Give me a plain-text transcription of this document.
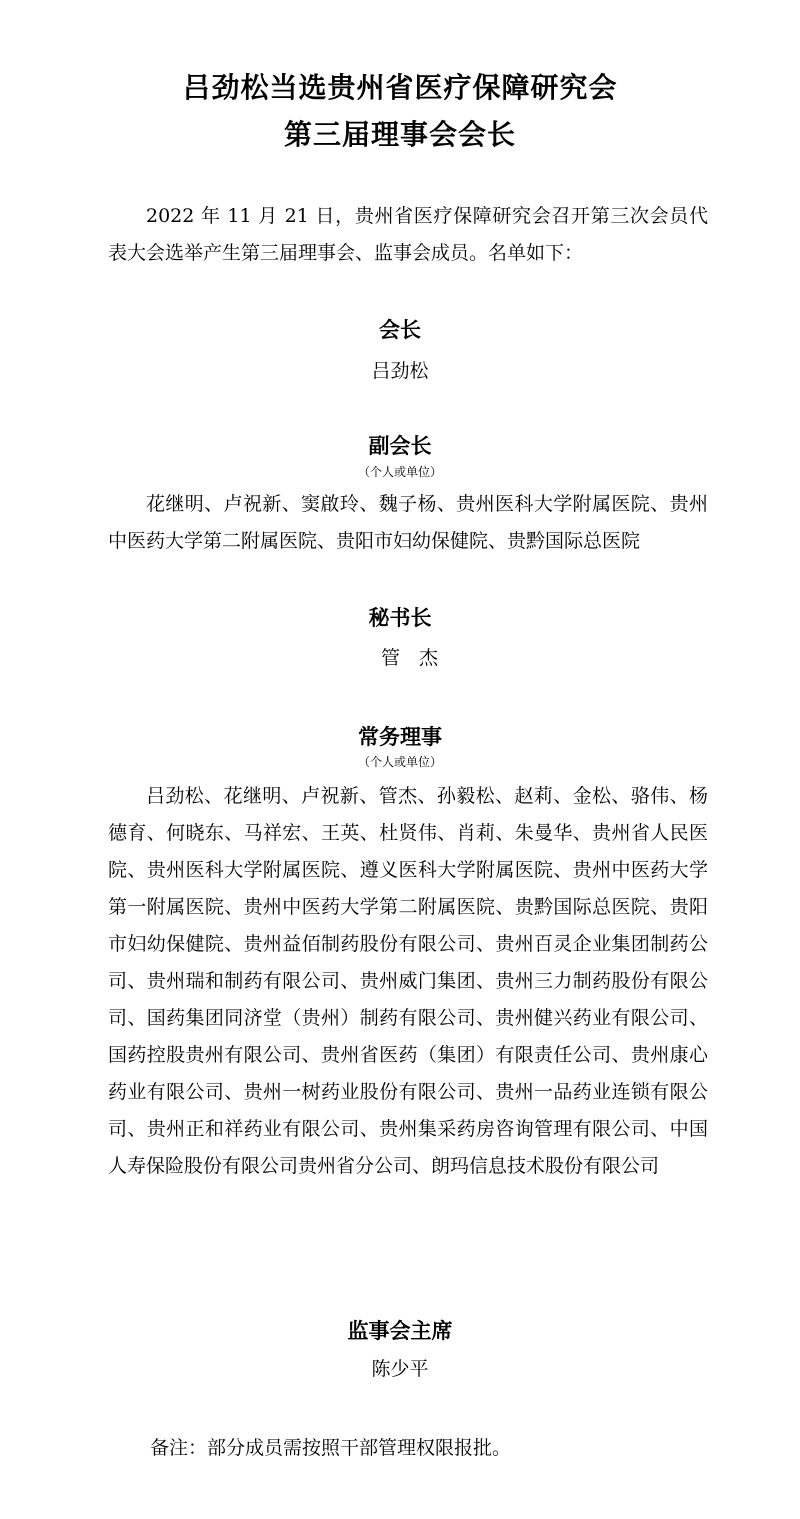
吕劲松当选贵州省医疗保障研究会
第三届理事会会长

2022 年 11 月 21 日，贵州省医疗保障研究会召开第三次会员代表大会选举产生第三届理事会、监事会成员。名单如下：

会长

吕劲松

副会长

（个人或单位）

花继明、卢祝新、窦啟玲、魏子杨、贵州医科大学附属医院、贵州中医药大学第二附属医院、贵阳市妇幼保健院、贵黔国际总医院

秘书长

管杰

常务理事

（个人或单位）

吕劲松、花继明、卢祝新、管杰、孙毅松、赵莉、金松、骆伟、杨德育、何晓东、马祥宏、王英、杜贤伟、肖莉、朱曼华、贵州省人民医院、贵州医科大学附属医院、遵义医科大学附属医院、贵州中医药大学第一附属医院、贵州中医药大学第二附属医院、贵黔国际总医院、贵阳市妇幼保健院、贵州益佰制药股份有限公司、贵州百灵企业集团制药公司、贵州瑞和制药有限公司、贵州威门集团、贵州三力制药股份有限公司、国药集团同济堂（贵州）制药有限公司、贵州健兴药业有限公司、国药控股贵州有限公司、贵州省医药（集团）有限责任公司、贵州康心药业有限公司、贵州一树药业股份有限公司、贵州一品药业连锁有限公司、贵州正和祥药业有限公司、贵州集采药房咨询管理有限公司、中国人寿保险股份有限公司贵州省分公司、朗玛信息技术股份有限公司

监事会主席

陈少平

备注：部分成员需按照干部管理权限报批。
